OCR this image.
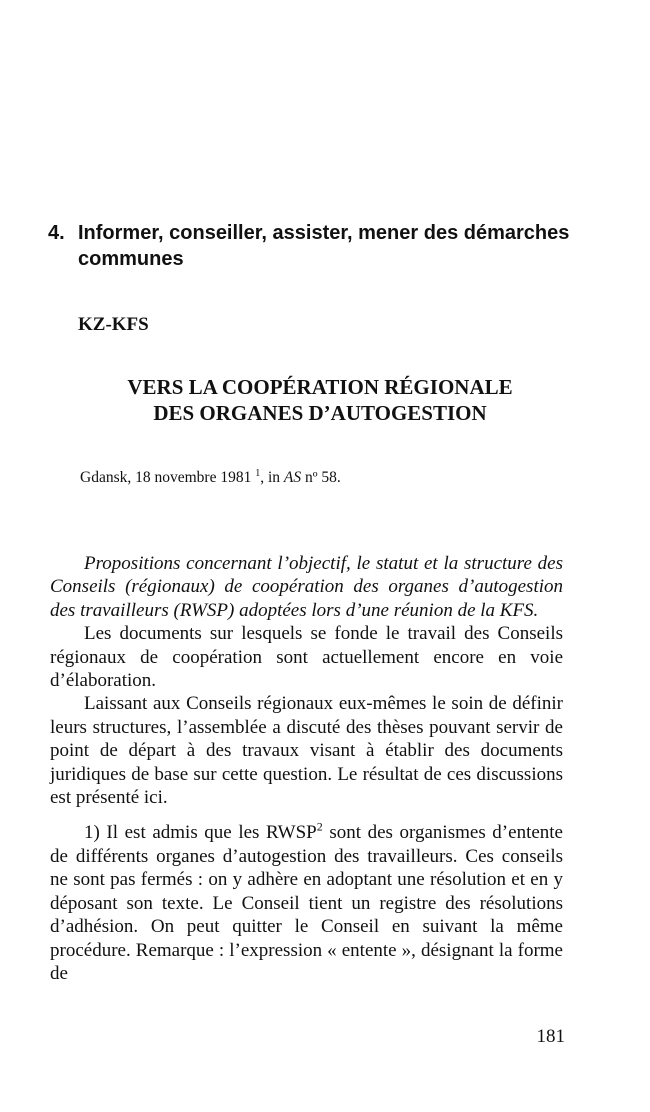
4. Informer, conseiller, assister, mener des démarches communes
KZ-KFS
VERS LA COOPÉRATION RÉGIONALE
DES ORGANES D’AUTOGESTION
Gdansk, 18 novembre 1981 $^1$, in AS nº 58.

Propositions concernant l’objectif, le statut et la structure des Conseils (régionaux) de coopération des organes d’autogestion des travailleurs (RWSP) adoptées lors d’une réunion de la KFS.

Les documents sur lesquels se fonde le travail des Conseils régionaux de coopération sont actuellement encore en voie d’élaboration.

Laissant aux Conseils régionaux eux-mêmes le soin de définir leurs structures, l’assemblée a discuté des thèses pouvant servir de point de départ à des travaux visant à établir des documents juridiques de base sur cette question. Le résultat de ces discussions est présenté ici.

1) Il est admis que les RWSP$^2$ sont des organismes d’entente de différents organes d’autogestion des travailleurs. Ces conseils ne sont pas fermés : on y adhère en adoptant une résolution et en y déposant son texte. Le Conseil tient un registre des résolutions d’adhésion. On peut quitter le Conseil en suivant la même procédure. Remarque : l’expression « entente », désignant la forme de

181
